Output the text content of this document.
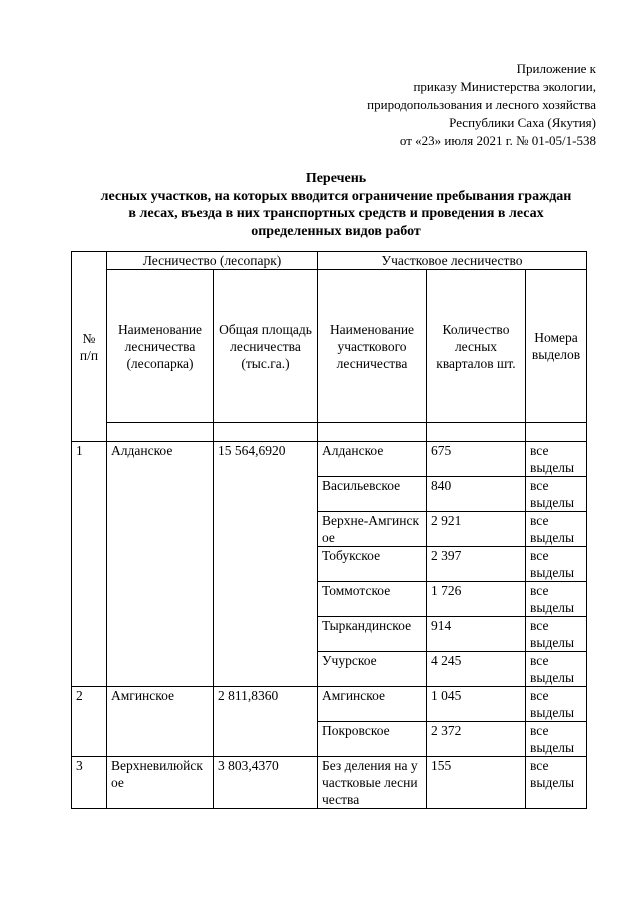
Приложение к
приказу Министерства экологии,
природопользования и лесного хозяйства
Республики Саха (Якутия)
от «23» июля 2021 г. № 01-05/1-538
Перечень
лесных участков, на которых вводится ограничение пребывания граждан
в лесах, въезда в них транспортных средств и проведения в лесах
определенных видов работ
№ п/п	Лесничество (лесопарк)		Участковое лесничество		
	Наименование лесничества (лесопарка)	Общая площадь лесничества (тыс.га.)	Наименование участкового лесничества	Количество лесных кварталов шт.	Номера выделов

1	Алданское	15 564,6920	Алданское	675	все выделы
			Васильевское	840	все выделы
			Верхне-Амгинское	2 921	все выделы
			Тобукское	2 397	все выделы
			Томмотское	1 726	все выделы
			Тыркандинское	914	все выделы
			Учурское	4 245	все выделы
2	Амгинское	2 811,8360	Амгинское	1 045	все выделы
			Покровское	2 372	все выделы
3	Верхневилюйское	3 803,4370	Без деления на участковые лесничества	155	все выделы
